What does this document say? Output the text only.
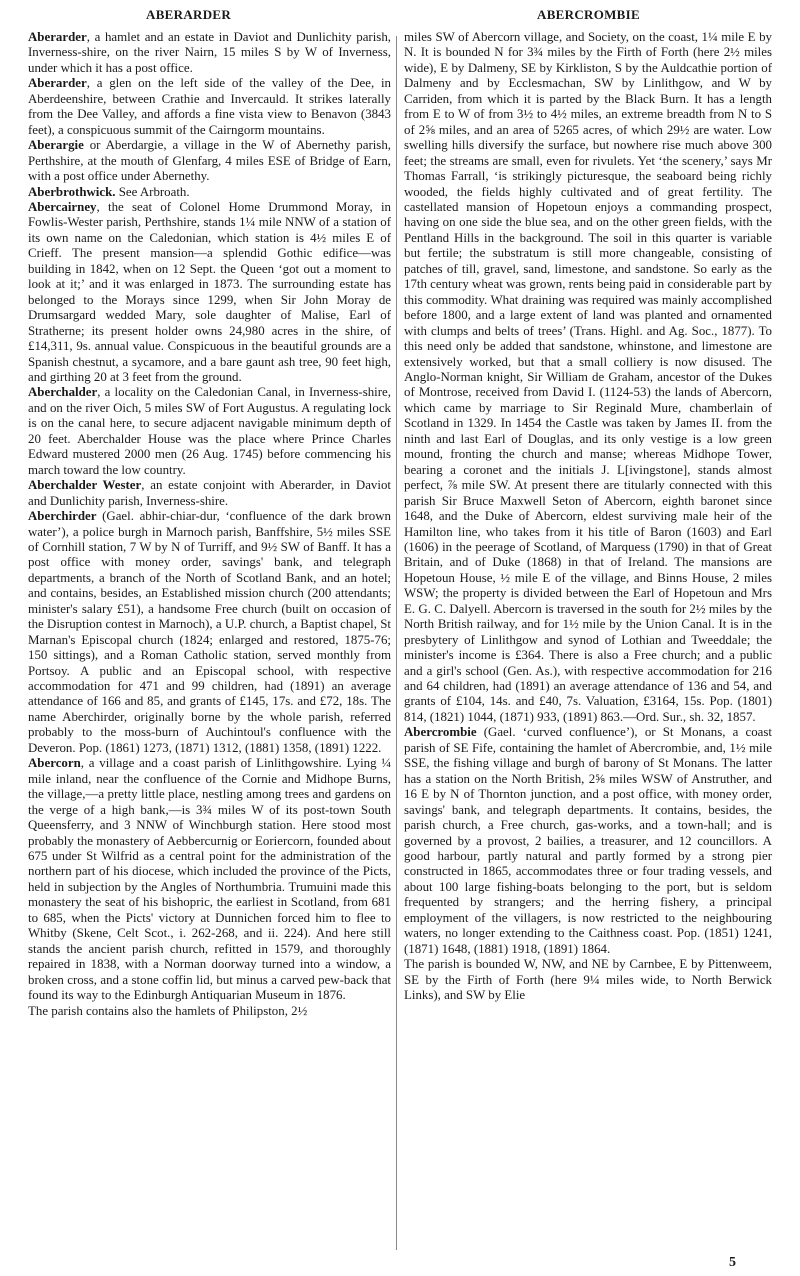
ABERARDER	ABERCROMBIE

Aberarder, a hamlet and an estate in Daviot and Dunlichity parish, Inverness-shire, on the river Nairn, 15 miles S by W of Inverness, under which it has a post office.

Aberarder, a glen on the left side of the valley of the Dee, in Aberdeenshire, between Crathie and Invercauld. It strikes laterally from the Dee Valley, and affords a fine vista view to Benavon (3843 feet), a conspicuous summit of the Cairngorm mountains.

Aberargie or Aberdargie, a village in the W of Abernethy parish, Perthshire, at the mouth of Glenfarg, 4 miles ESE of Bridge of Earn, with a post office under Abernethy.

Aberbrothwick. See Arbroath.

Abercairney, the seat of Colonel Home Drummond Moray, in Fowlis-Wester parish, Perthshire, stands 1¼ mile NNW of a station of its own name on the Caledonian, which station is 4½ miles E of Crieff. The present mansion—a splendid Gothic edifice—was building in 1842, when on 12 Sept. the Queen ‘got out a moment to look at it;’ and it was enlarged in 1873. The surrounding estate has belonged to the Morays since 1299, when Sir John Moray de Drumsargard wedded Mary, sole daughter of Malise, Earl of Stratherne; its present holder owns 24,980 acres in the shire, of £14,311, 9s. annual value. Conspicuous in the beautiful grounds are a Spanish chestnut, a sycamore, and a bare gaunt ash tree, 90 feet high, and girthing 20 at 3 feet from the ground.

Aberchalder, a locality on the Caledonian Canal, in Inverness-shire, and on the river Oich, 5 miles SW of Fort Augustus. A regulating lock is on the canal here, to secure adjacent navigable minimum depth of 20 feet. Aberchalder House was the place where Prince Charles Edward mustered 2000 men (26 Aug. 1745) before commencing his march toward the low country.

Aberchalder Wester, an estate conjoint with Aberarder, in Daviot and Dunlichity parish, Inverness-shire.

Aberchirder (Gael. abhir-chiar-dur, ‘confluence of the dark brown water’), a police burgh in Marnoch parish, Banffshire, 5½ miles SSE of Cornhill station, 7 W by N of Turriff, and 9½ SW of Banff. It has a post office with money order, savings' bank, and telegraph departments, a branch of the North of Scotland Bank, and an hotel; and contains, besides, an Established mission church (200 attendants; minister's salary £51), a handsome Free church (built on occasion of the Disruption contest in Marnoch), a U.P. church, a Baptist chapel, St Marnan's Episcopal church (1824; enlarged and restored, 1875-76; 150 sittings), and a Roman Catholic station, served monthly from Portsoy. A public and an Episcopal school, with respective accommodation for 471 and 99 children, had (1891) an average attendance of 166 and 85, and grants of £145, 17s. and £72, 18s. The name Aberchirder, originally borne by the whole parish, referred probably to the moss-burn of Auchintoul's confluence with the Deveron. Pop. (1861) 1273, (1871) 1312, (1881) 1358, (1891) 1222.

Abercorn, a village and a coast parish of Linlithgowshire. Lying ¼ mile inland, near the confluence of the Cornie and Midhope Burns, the village,—a pretty little place, nestling among trees and gardens on the verge of a high bank,—is 3¾ miles W of its post-town South Queensferry, and 3 NNW of Winchburgh station. Here stood most probably the monastery of Aebbercurnig or Eoriercorn, founded about 675 under St Wilfrid as a central point for the administration of the northern part of his diocese, which included the province of the Picts, held in subjection by the Angles of Northumbria. Trumuini made this monastery the seat of his bishopric, the earliest in Scotland, from 681 to 685, when the Picts' victory at Dunnichen forced him to flee to Whitby (Skene, Celt Scot., i. 262-268, and ii. 224). And here still stands the ancient parish church, refitted in 1579, and thoroughly repaired in 1838, with a Norman doorway turned into a window, a broken cross, and a stone coffin lid, but minus a carved pew-back that found its way to the Edinburgh Antiquarian Museum in 1876.

The parish contains also the hamlets of Philipston, 2½

miles SW of Abercorn village, and Society, on the coast, 1¼ mile E by N. It is bounded N for 3¾ miles by the Firth of Forth (here 2½ miles wide), E by Dalmeny, SE by Kirkliston, S by the Auldcathie portion of Dalmeny and by Ecclesmachan, SW by Linlithgow, and W by Carriden, from which it is parted by the Black Burn. It has a length from E to W of from 3½ to 4½ miles, an extreme breadth from N to S of 2⅝ miles, and an area of 5265 acres, of which 29½ are water. Low swelling hills diversify the surface, but nowhere rise much above 300 feet; the streams are small, even for rivulets. Yet ‘the scenery,’ says Mr Thomas Farrall, ‘is strikingly picturesque, the seaboard being richly wooded, the fields highly cultivated and of great fertility. The castellated mansion of Hopetoun enjoys a commanding prospect, having on one side the blue sea, and on the other green fields, with the Pentland Hills in the background. The soil in this quarter is variable but fertile; the substratum is still more changeable, consisting of patches of till, gravel, sand, limestone, and sandstone. So early as the 17th century wheat was grown, rents being paid in considerable part by this commodity. What draining was required was mainly accomplished before 1800, and a large extent of land was planted and ornamented with clumps and belts of trees’ (Trans. Highl. and Ag. Soc., 1877). To this need only be added that sandstone, whinstone, and limestone are extensively worked, but that a small colliery is now disused. The Anglo-Norman knight, Sir William de Graham, ancestor of the Dukes of Montrose, received from David I. (1124-53) the lands of Abercorn, which came by marriage to Sir Reginald Mure, chamberlain of Scotland in 1329. In 1454 the Castle was taken by James II. from the ninth and last Earl of Douglas, and its only vestige is a low green mound, fronting the church and manse; whereas Midhope Tower, bearing a coronet and the initials J. L[ivingstone], stands almost perfect, ⅞ mile SW. At present there are titularly connected with this parish Sir Bruce Maxwell Seton of Abercorn, eighth baronet since 1648, and the Duke of Abercorn, eldest surviving male heir of the Hamilton line, who takes from it his title of Baron (1603) and Earl (1606) in the peerage of Scotland, of Marquess (1790) in that of Great Britain, and of Duke (1868) in that of Ireland. The mansions are Hopetoun House, ½ mile E of the village, and Binns House, 2 miles WSW; the property is divided between the Earl of Hopetoun and Mrs E. G. C. Dalyell. Abercorn is traversed in the south for 2½ miles by the North British railway, and for 1½ mile by the Union Canal. It is in the presbytery of Linlithgow and synod of Lothian and Tweeddale; the minister's income is £364. There is also a Free church; and a public and a girl's school (Gen. As.), with respective accommodation for 216 and 64 children, had (1891) an average attendance of 136 and 54, and grants of £104, 14s. and £40, 7s. Valuation, £3164, 15s. Pop. (1801) 814, (1821) 1044, (1871) 933, (1891) 863.—Ord. Sur., sh. 32, 1857.

Abercrombie (Gael. ‘curved confluence’), or St Monans, a coast parish of SE Fife, containing the hamlet of Abercrombie, and, 1½ mile SSE, the fishing village and burgh of barony of St Monans. The latter has a station on the North British, 2⅝ miles WSW of Anstruther, and 16 E by N of Thornton junction, and a post office, with money order, savings' bank, and telegraph departments. It contains, besides, the parish church, a Free church, gas-works, and a town-hall; and is governed by a provost, 2 bailies, a treasurer, and 12 councillors. A good harbour, partly natural and partly formed by a strong pier constructed in 1865, accommodates three or four trading vessels, and about 100 large fishing-boats belonging to the port, but is seldom frequented by strangers; and the herring fishery, a principal employment of the villagers, is now restricted to the neighbouring waters, no longer extending to the Caithness coast. Pop. (1851) 1241, (1871) 1648, (1881) 1918, (1891) 1864.

The parish is bounded W, NW, and NE by Carnbee, E by Pittenweem, SE by the Firth of Forth (here 9¼ miles wide, to North Berwick Links), and SW by Elie

5
